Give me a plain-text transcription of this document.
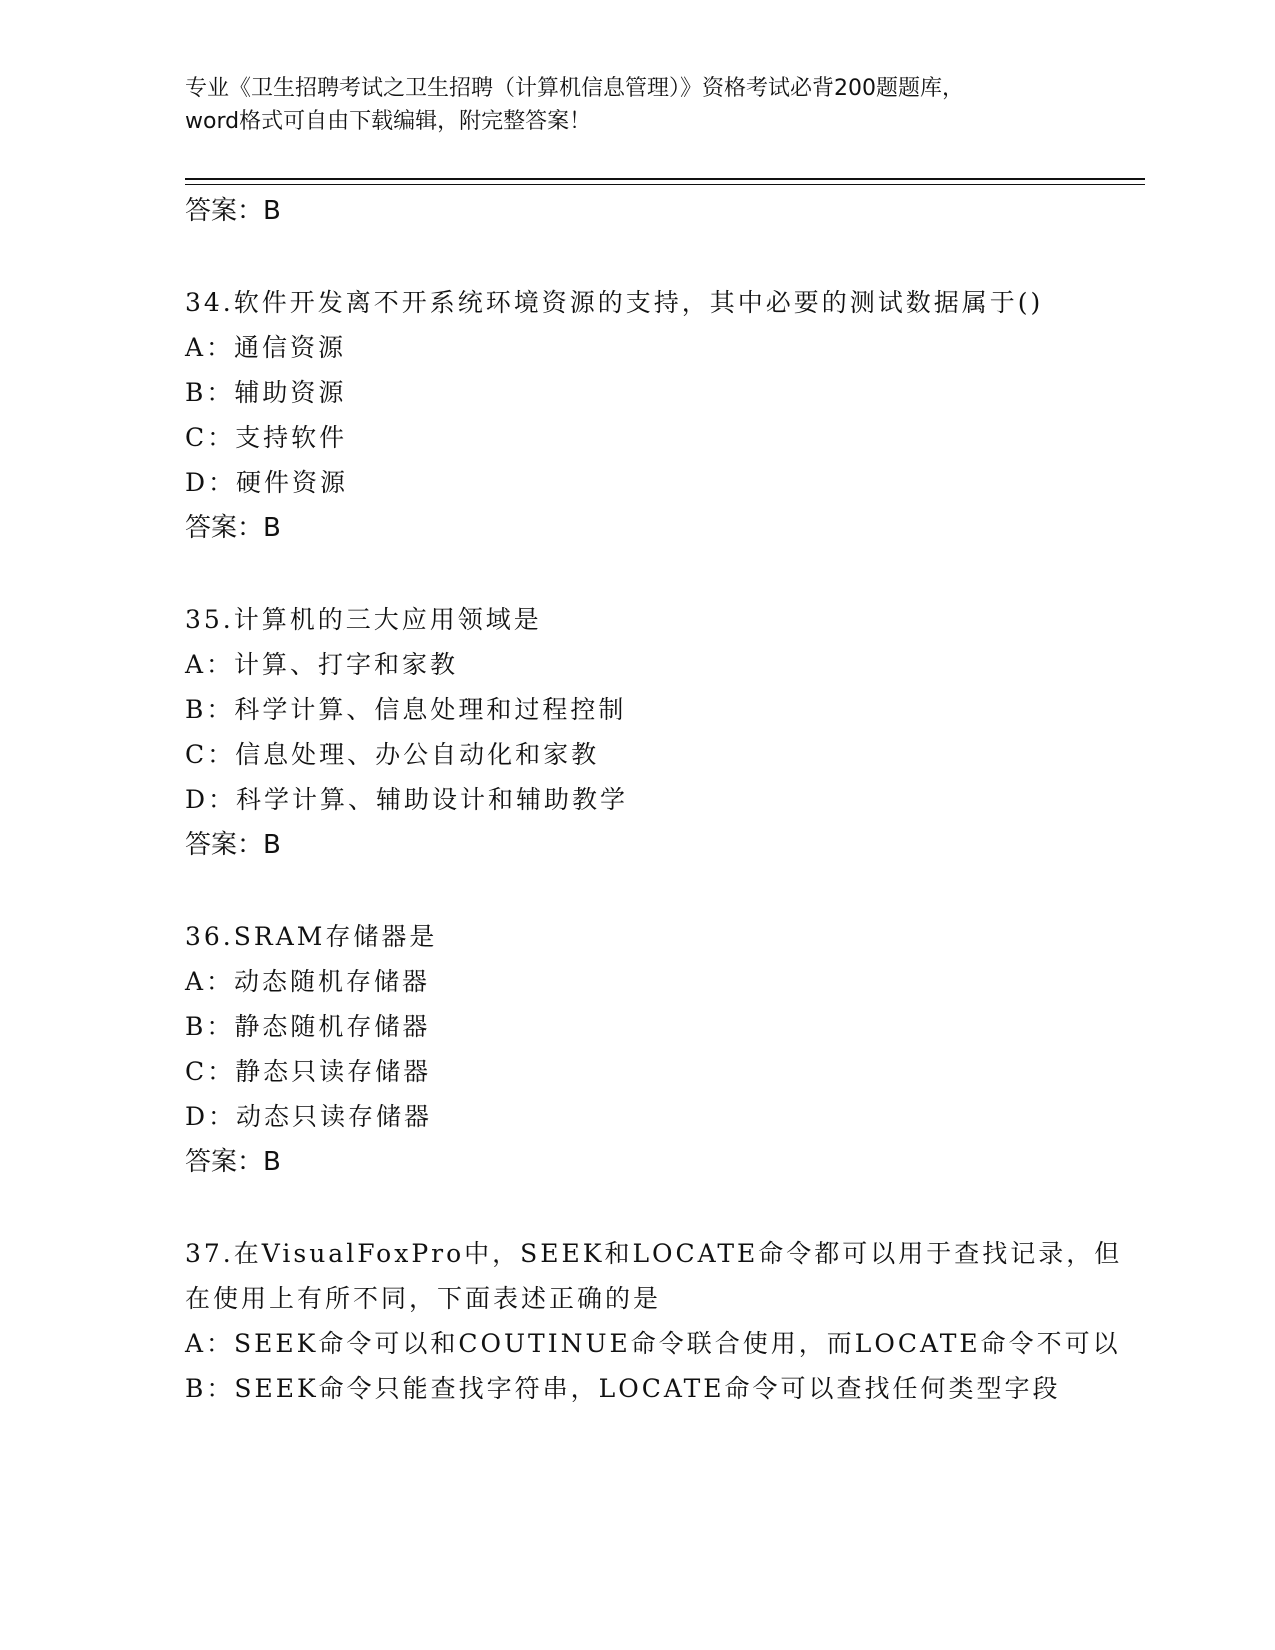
专业《卫生招聘考试之卫生招聘（计算机信息管理）》资格考试必背200题题库，
word格式可自由下载编辑，附完整答案！

答案：B

34.软件开发离不开系统环境资源的支持，其中必要的测试数据属于()

A：通信资源

B：辅助资源

C：支持软件

D：硬件资源

答案：B

35.计算机的三大应用领域是

A：计算、打字和家教

B：科学计算、信息处理和过程控制

C：信息处理、办公自动化和家教

D：科学计算、辅助设计和辅助教学

答案：B

36.SRAM存储器是

A：动态随机存储器

B：静态随机存储器

C：静态只读存储器

D：动态只读存储器

答案：B

37.在VisualFoxPro中，SEEK和LOCATE命令都可以用于查找记录，但
在使用上有所不同，下面表述正确的是

A：SEEK命令可以和COUTINUE命令联合使用，而LOCATE命令不可以

B：SEEK命令只能查找字符串，LOCATE命令可以查找任何类型字段
